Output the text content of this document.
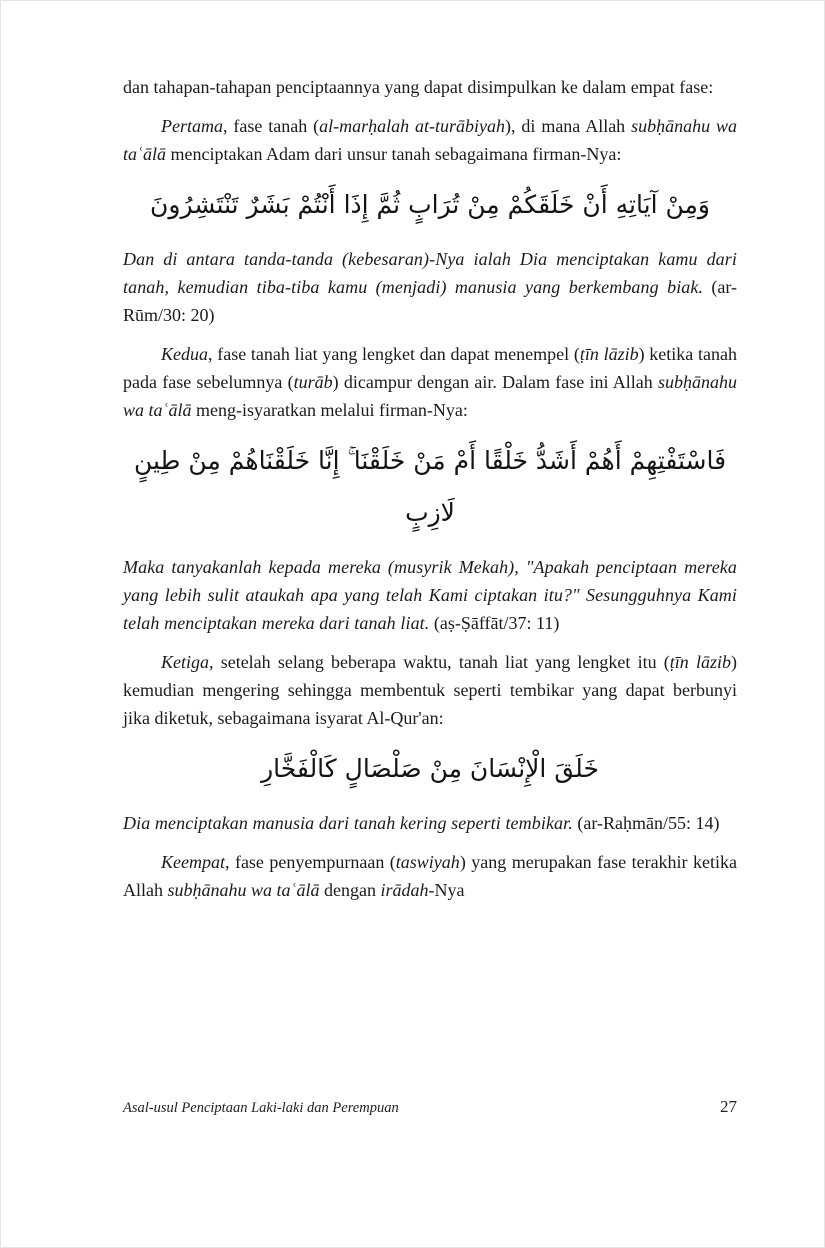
dan tahapan-tahapan penciptaannya yang dapat disimpulkan ke dalam empat fase:

Pertama, fase tanah (al-marḥalah at-turābiyah), di mana Allah subḥānahu wa taʿālā menciptakan Adam dari unsur tanah sebagaimana firman-Nya:

وَمِنْ آيَاتِهِ أَنْ خَلَقَكُمْ مِنْ تُرَابٍ ثُمَّ إِذَا أَنْتُمْ بَشَرٌ تَنْتَشِرُونَ

Dan di antara tanda-tanda (kebesaran)-Nya ialah Dia menciptakan kamu dari tanah, kemudian tiba-tiba kamu (menjadi) manusia yang berkembang biak. (ar-Rūm/30: 20)

Kedua, fase tanah liat yang lengket dan dapat menempel (ṭīn lāzib) ketika tanah pada fase sebelumnya (turāb) dicampur dengan air. Dalam fase ini Allah subḥānahu wa taʿālā meng-isyaratkan melalui firman-Nya:

فَاسْتَفْتِهِمْ أَهُمْ أَشَدُّ خَلْقًا أَمْ مَنْ خَلَقْنَا ۚ إِنَّا خَلَقْنَاهُمْ مِنْ طِينٍ لَازِبٍ

Maka tanyakanlah kepada mereka (musyrik Mekah), "Apakah penciptaan mereka yang lebih sulit ataukah apa yang telah Kami ciptakan itu?" Sesungguhnya Kami telah menciptakan mereka dari tanah liat. (aṣ-Ṣāffāt/37: 11)

Ketiga, setelah selang beberapa waktu, tanah liat yang lengket itu (ṭīn lāzib) kemudian mengering sehingga membentuk seperti tembikar yang dapat berbunyi jika diketuk, sebagaimana isyarat Al-Qur'an:

خَلَقَ الْإِنْسَانَ مِنْ صَلْصَالٍ كَالْفَخَّارِ

Dia menciptakan manusia dari tanah kering seperti tembikar. (ar-Raḥmān/55: 14)

Keempat, fase penyempurnaan (taswiyah) yang merupakan fase terakhir ketika Allah subḥānahu wa taʿālā dengan irādah-Nya

Asal-usul Penciptaan Laki-laki dan Perempuan	27
